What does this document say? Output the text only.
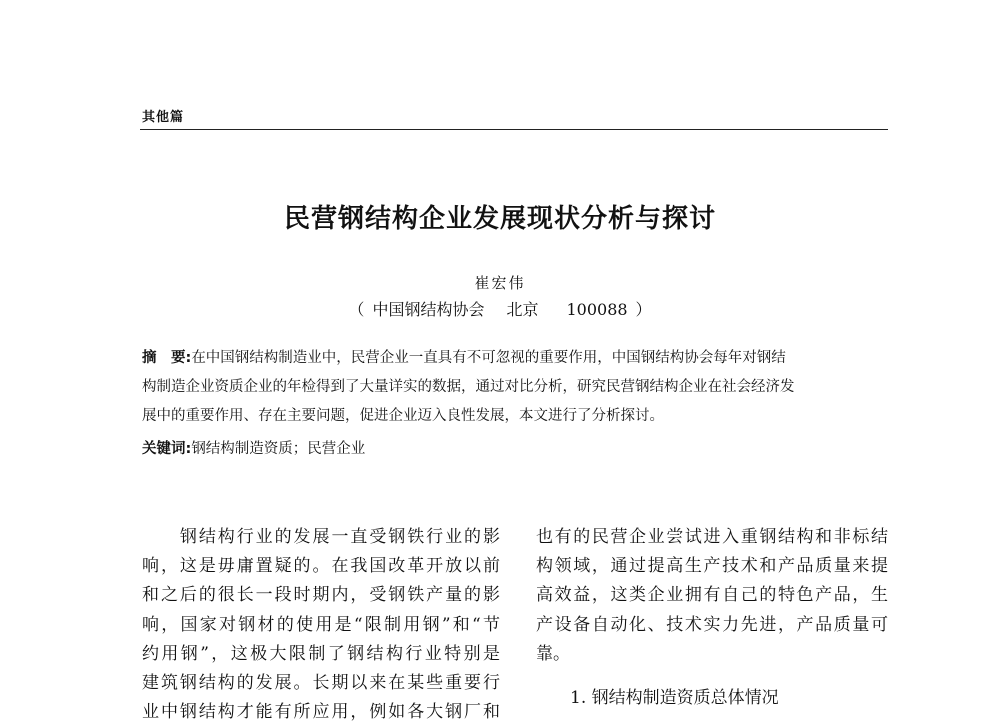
其他篇
民营钢结构企业发展现状分析与探讨
崔宏伟
（ 中国钢结构协会 北京 100088 ）
摘　要:在中国钢结构制造业中，民营企业一直具有不可忽视的重要作用，中国钢结构协会每年对钢结
构制造企业资质企业的年检得到了大量详实的数据，通过对比分析，研究民营钢结构企业在社会经济发
展中的重要作用、存在主要问题，促进企业迈入良性发展，本文进行了分析探讨。
关键词:钢结构制造资质；民营企业
　　钢结构行业的发展一直受钢铁行业的影
响，这是毋庸置疑的。在我国改革开放以前
和之后的很长一段时期内，受钢铁产量的影
响，国家对钢材的使用是“限制用钢”和“节
约用钢”，这极大限制了钢结构行业特别是
建筑钢结构的发展。长期以来在某些重要行
业中钢结构才能有所应用，例如各大钢厂和
也有的民营企业尝试进入重钢结构和非标结
构领域，通过提高生产技术和产品质量来提
高效益，这类企业拥有自己的特色产品，生
产设备自动化、技术实力先进，产品质量可
靠。
1. 钢结构制造资质总体情况
